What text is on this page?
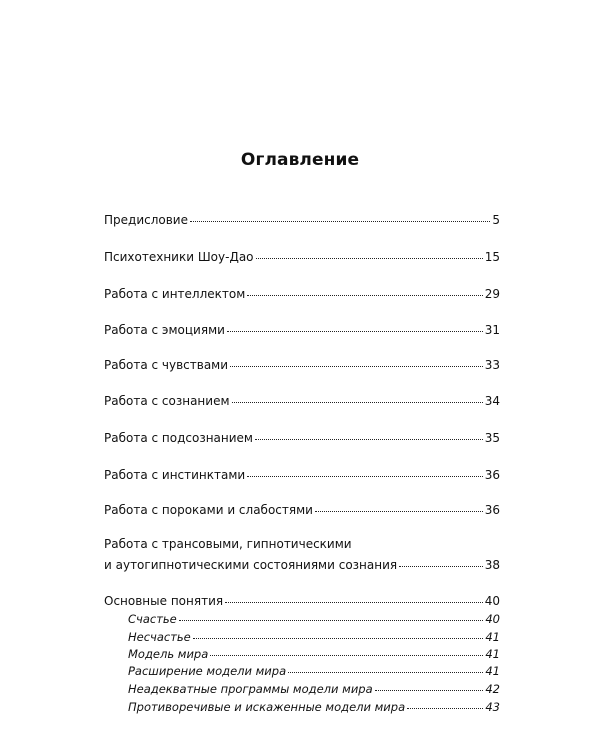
Оглавление
Предисловие	5
Психотехники Шоу-Дао	15
Работа с интеллектом	29
Работа с эмоциями	31
Работа с чувствами	33
Работа с сознанием	34
Работа с подсознанием	35
Работа с инстинктами	36
Работа с пороками и слабостями	36
Работа с трансовыми, гипнотическими
и аутогипнотическими состояниями сознания	38
Основные понятия	40
Счастье	40
Несчастье	41
Модель мира	41
Расширение модели мира	41
Неадекватные программы модели мира	42
Противоречивые и искаженные модели мира	43
